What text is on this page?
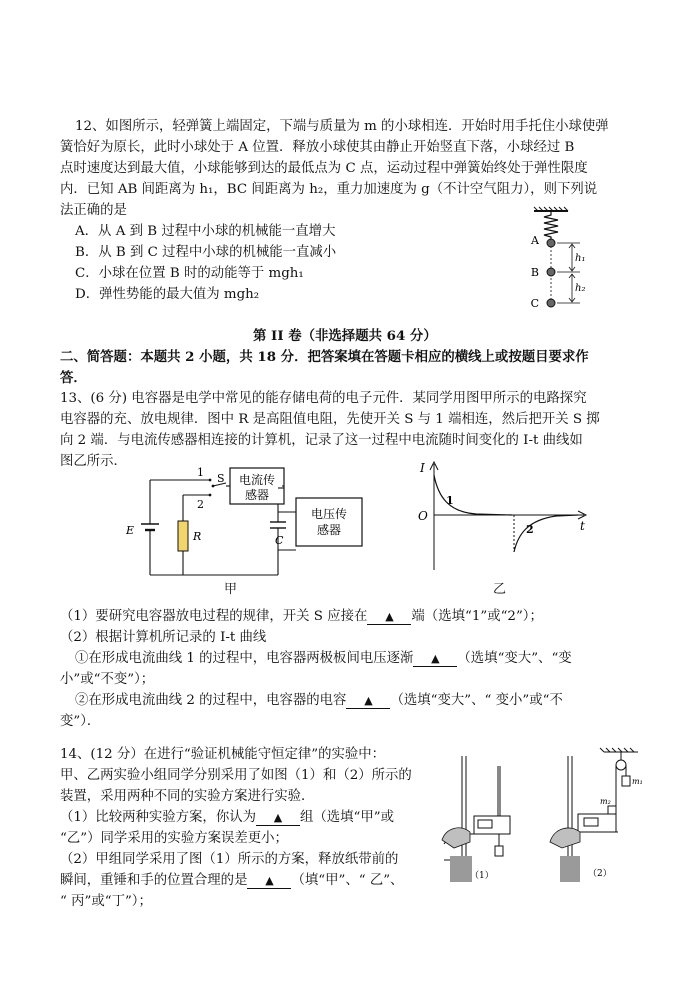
12、如图所示，轻弹簧上端固定，下端与质量为 m 的小球相连．开始时用手托住小球使弹
簧恰好为原长，此时小球处于 A 位置．释放小球使其由静止开始竖直下落，小球经过 B
点时速度达到最大值，小球能够到达的最低点为 C 点，运动过程中弹簧始终处于弹性限度
内．已知 AB 间距离为 h₁，BC 间距离为 h₂，重力加速度为 g（不计空气阻力），则下列说
法正确的是
A．从 A 到 B 过程中小球的机械能一直增大
B．从 B 到 C 过程中小球的机械能一直减小
C．小球在位置 B 时的动能等于 mgh₁
D．弹性势能的最大值为 mgh₂
A
B
C
h₁
h₂
第 II 卷（非选择题共 64 分）
二、简答题：本题共 2 小题，共 18 分．把答案填在答题卡相应的横线上或按题目要求作
答．
13、(6 分) 电容器是电学中常见的能存储电荷的电子元件．某同学用图甲所示的电路探究
电容器的充、放电规律．图中 R 是高阻值电阻，先使开关 S 与 1 端相连，然后把开关 S 掷
向 2 端．与电流传感器相连接的计算机，记录了这一过程中电流随时间变化的 I-t 曲线如
图乙所示．
1
2
S
E	R	C
电流传
感器
电压传
感器
甲
I
O
t
1
2
乙
（1）要研究电容器放电过程的规律，开关 S 应接在 ▲ 端（选填“1”或“2”）；
（2）根据计算机所记录的 I-t 曲线
①在形成电流曲线 1 的过程中，电容器两极板间电压逐渐 ▲ （选填“变大”、“变
小”或“不变”）；
②在形成电流曲线 2 的过程中，电容器的电容 ▲ （选填“变大”、“ 变小”或“不
变”）．
14、(12 分）在进行“验证机械能守恒定律”的实验中：
甲、乙两实验小组同学分别采用了如图（1）和（2）所示的
装置，采用两种不同的实验方案进行实验．
（1）比较两种实验方案，你认为 ▲ 组（选填“甲”或
“乙”）同学采用的实验方案误差更小；
（2）甲组同学采用了图（1）所示的方案，释放纸带前的
瞬间，重锤和手的位置合理的是 ▲ （填“甲”、“ 乙”、
“ 丙”或“丁”）；
（1）
m₁
m₂
（2）
